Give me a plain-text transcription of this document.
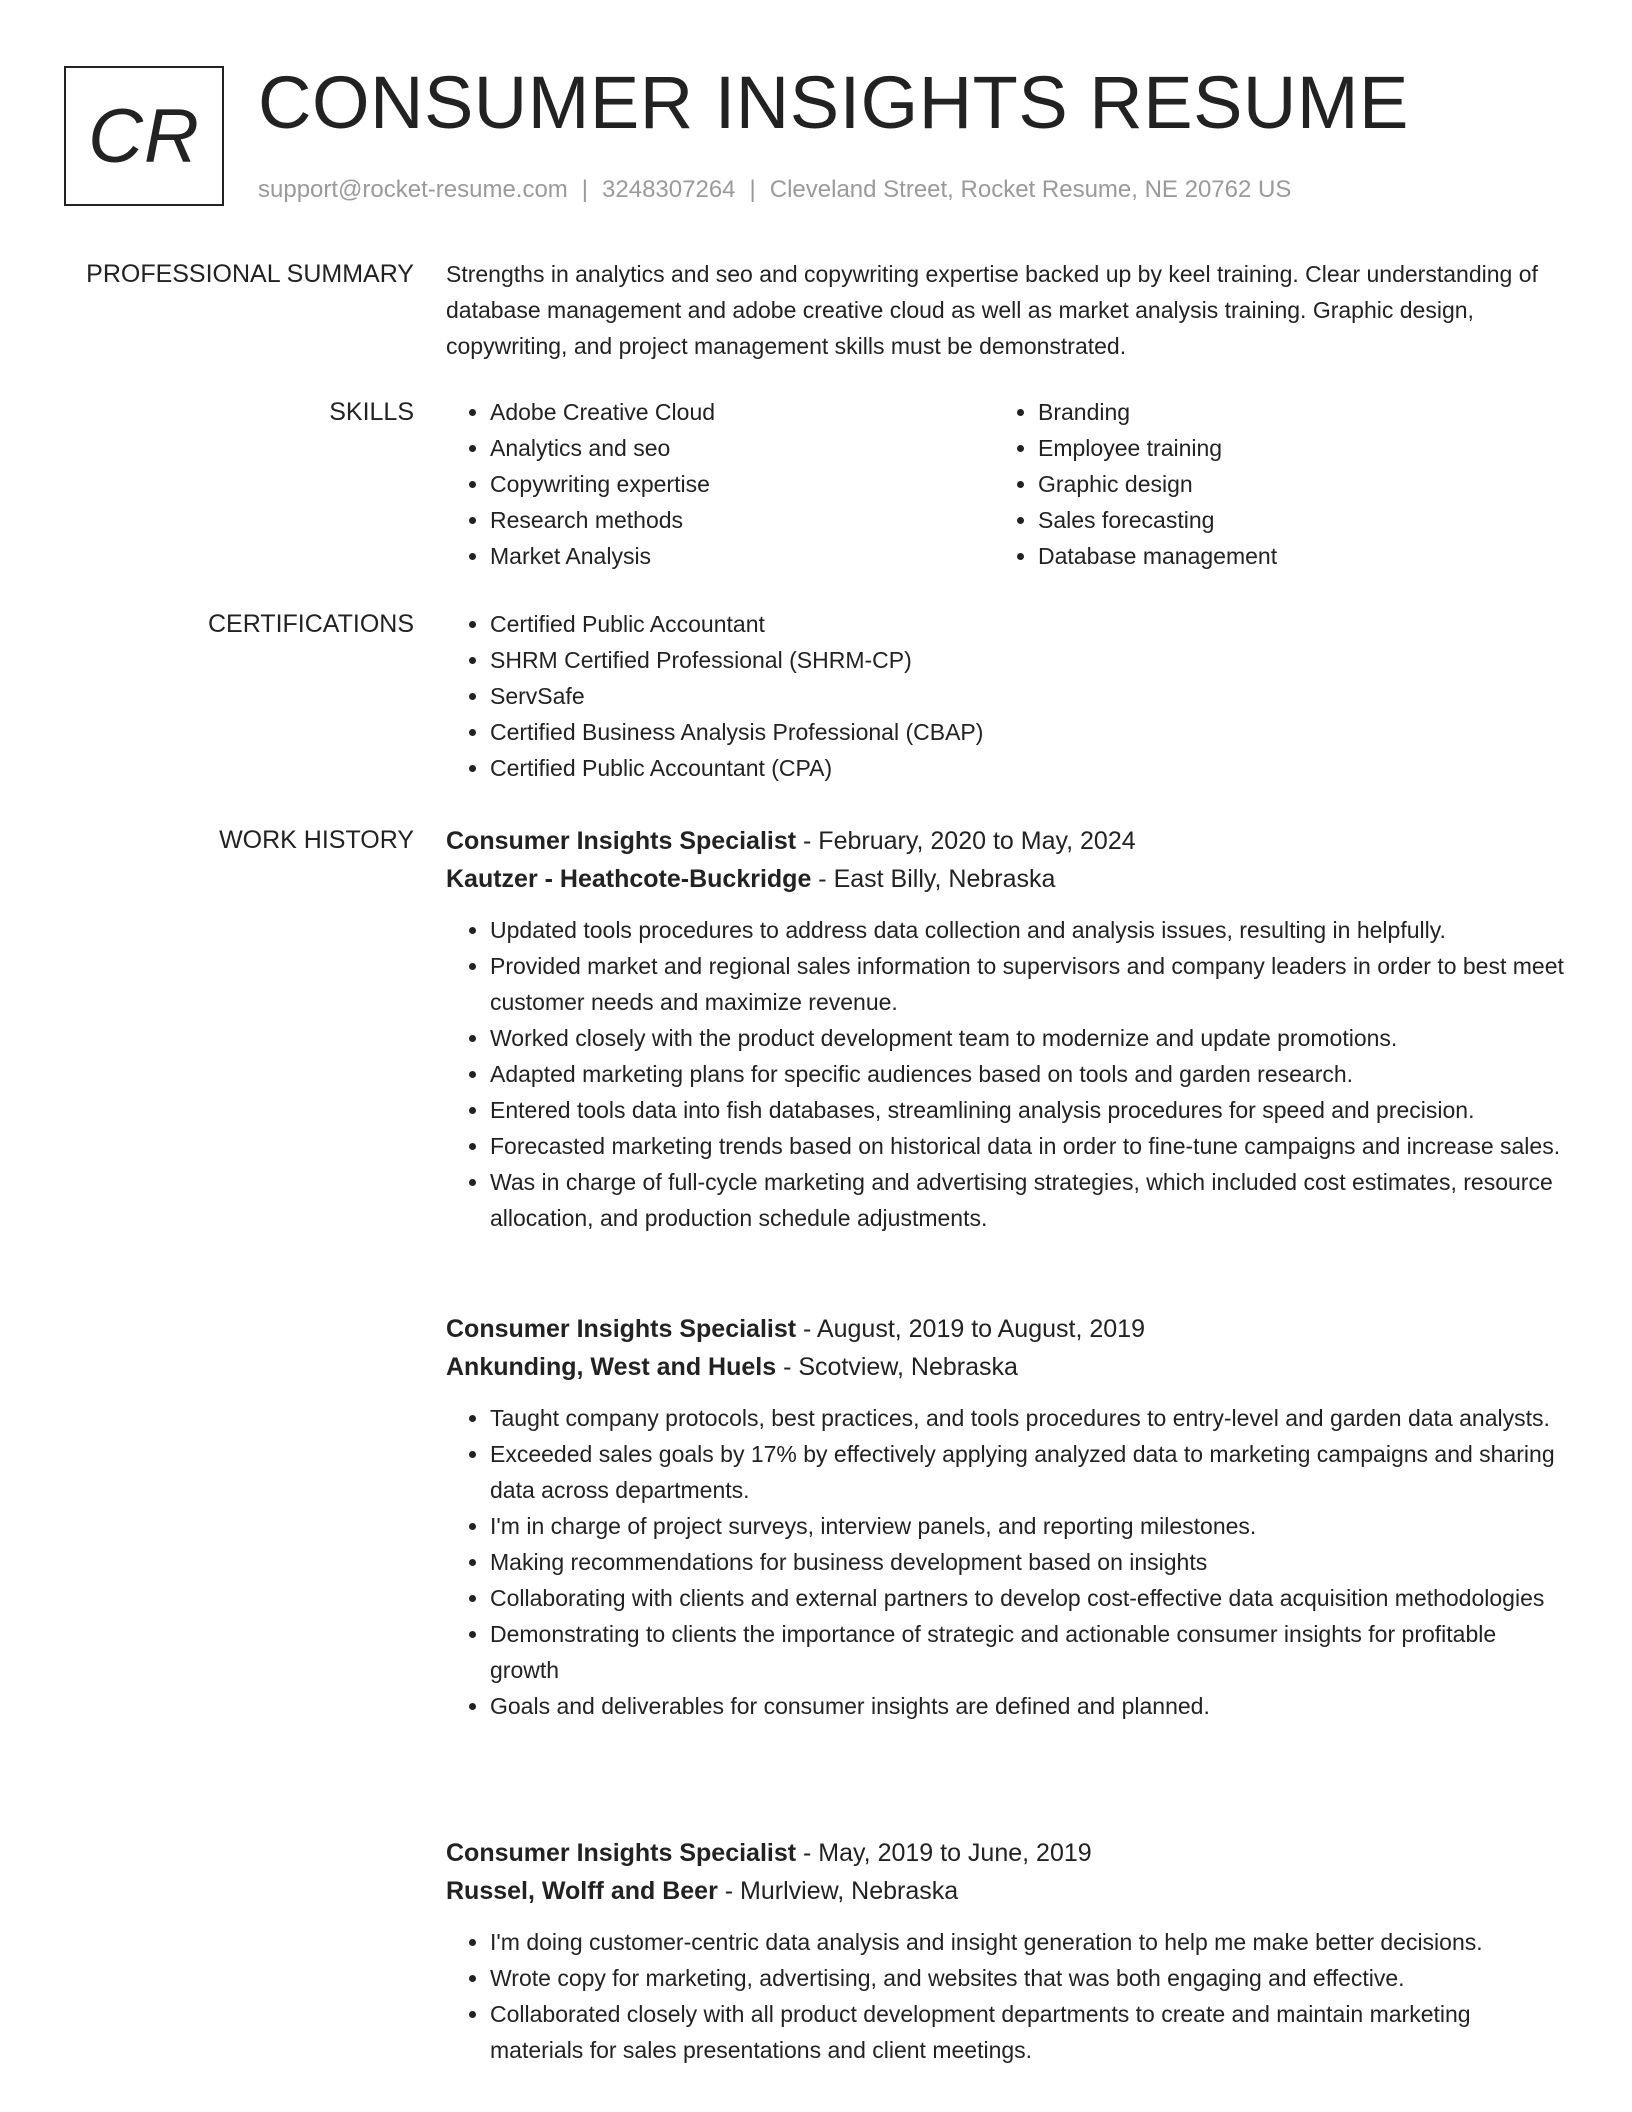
CR CONSUMER INSIGHTS RESUME
support@rocket-resume.com | 3248307264 | Cleveland Street, Rocket Resume, NE 20762 US
PROFESSIONAL SUMMARY Strengths in analytics and seo and copywriting expertise backed up by keel training. Clear understanding of database management and adobe creative cloud as well as market analysis training. Graphic design, copywriting, and project management skills must be demonstrated.

SKILLS	• Adobe Creative Cloud
• Analytics and seo
• Copywriting expertise
• Research methods
• Market Analysis
• Branding
• Employee training
• Graphic design
• Sales forecasting
• Database management
CERTIFICATIONS	• Certified Public Accountant
• SHRM Certified Professional (SHRM-CP)
• ServSafe
• Certified Business Analysis Professional (CBAP)
• Certified Public Accountant (CPA)
WORK HISTORY Consumer Insights Specialist - February, 2020 to May, 2024
Kautzer - Heathcote-Buckridge - East Billy, Nebraska
• Updated tools procedures to address data collection and analysis issues, resulting in helpfully.
• Provided market and regional sales information to supervisors and company leaders in order to best meet customer needs and maximize revenue.
• Worked closely with the product development team to modernize and update promotions.
• Adapted marketing plans for specific audiences based on tools and garden research.
• Entered tools data into fish databases, streamlining analysis procedures for speed and precision.
• Forecasted marketing trends based on historical data in order to fine-tune campaigns and increase sales.
• Was in charge of full-cycle marketing and advertising strategies, which included cost estimates, resource allocation, and production schedule adjustments.
Consumer Insights Specialist - August, 2019 to August, 2019
Ankunding, West and Huels - Scotview, Nebraska
• Taught company protocols, best practices, and tools procedures to entry-level and garden data analysts.
• Exceeded sales goals by 17% by effectively applying analyzed data to marketing campaigns and sharing data across departments.
• I'm in charge of project surveys, interview panels, and reporting milestones.
• Making recommendations for business development based on insights
• Collaborating with clients and external partners to develop cost-effective data acquisition methodologies
• Demonstrating to clients the importance of strategic and actionable consumer insights for profitable growth
• Goals and deliverables for consumer insights are defined and planned.
Consumer Insights Specialist - May, 2019 to June, 2019
Russel, Wolff and Beer - Murlview, Nebraska
• I'm doing customer-centric data analysis and insight generation to help me make better decisions.
• Wrote copy for marketing, advertising, and websites that was both engaging and effective.
• Collaborated closely with all product development departments to create and maintain marketing materials for sales presentations and client meetings.
